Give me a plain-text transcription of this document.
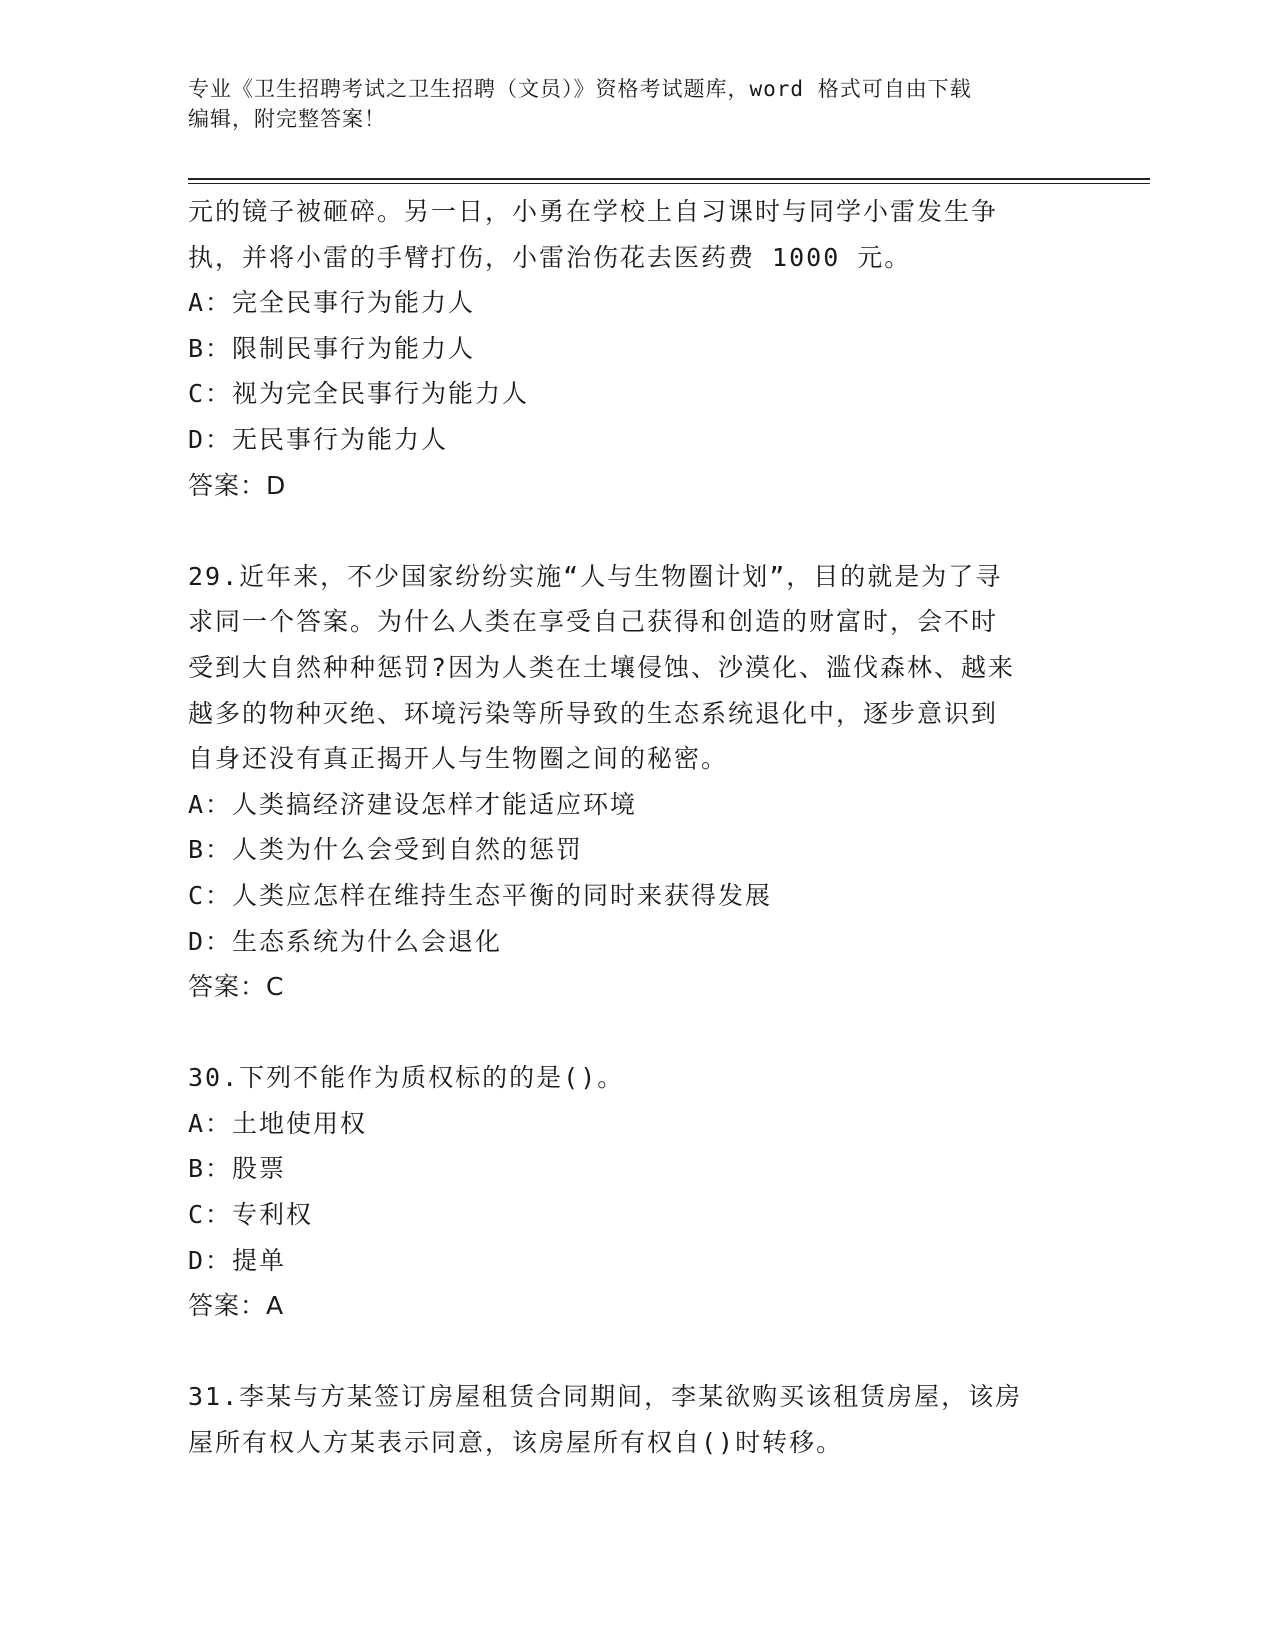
专业《卫生招聘考试之卫生招聘（文员）》资格考试题库，word 格式可自由下载
编辑，附完整答案！
元的镜子被砸碎。另一日，小勇在学校上自习课时与同学小雷发生争
执，并将小雷的手臂打伤，小雷治伤花去医药费 1000 元。
A：完全民事行为能力人
B：限制民事行为能力人
C：视为完全民事行为能力人
D：无民事行为能力人
答案：D
29.近年来，不少国家纷纷实施“人与生物圈计划”，目的就是为了寻
求同一个答案。为什么人类在享受自己获得和创造的财富时，会不时
受到大自然种种惩罚?因为人类在土壤侵蚀、沙漠化、滥伐森林、越来
越多的物种灭绝、环境污染等所导致的生态系统退化中，逐步意识到
自身还没有真正揭开人与生物圈之间的秘密。
A：人类搞经济建设怎样才能适应环境
B：人类为什么会受到自然的惩罚
C：人类应怎样在维持生态平衡的同时来获得发展
D：生态系统为什么会退化
答案：C
30.下列不能作为质权标的的是()。
A：土地使用权
B：股票
C：专利权
D：提单
答案：A
31.李某与方某签订房屋租赁合同期间，李某欲购买该租赁房屋，该房
屋所有权人方某表示同意，该房屋所有权自()时转移。
